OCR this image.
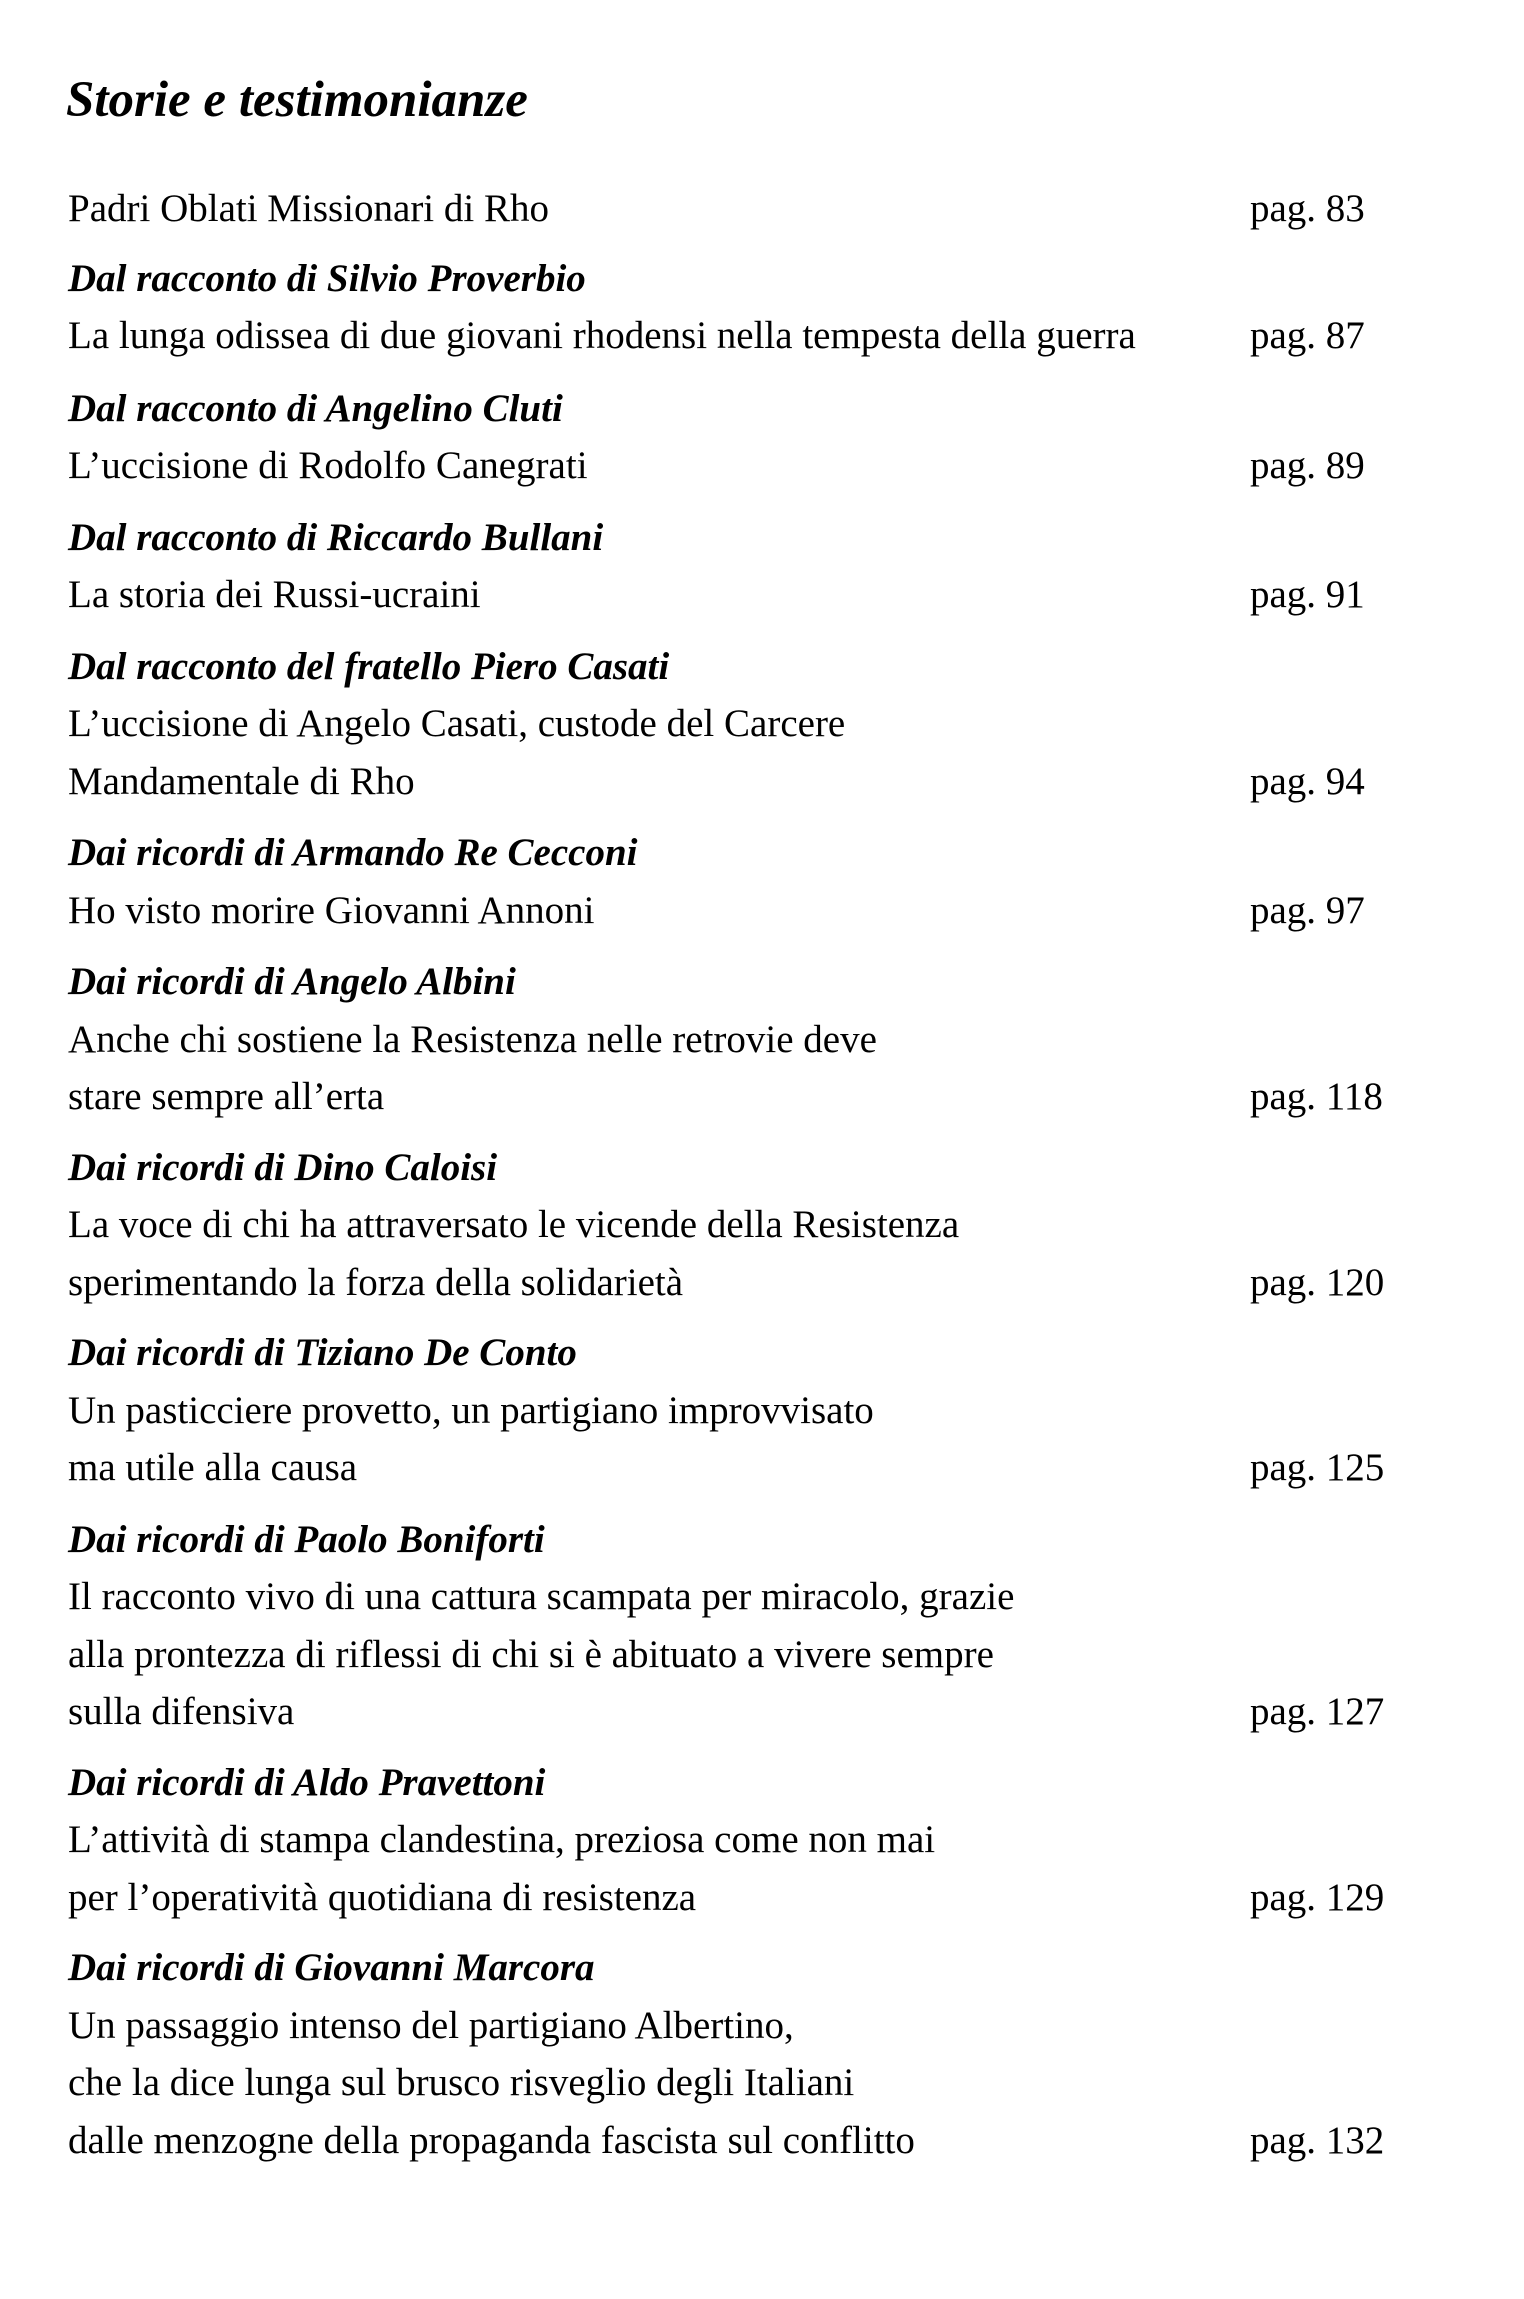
Storie e testimonianze
Padri Oblati Missionari di Rho	pag. 83
Dal racconto di Silvio Proverbio
La lunga odissea di due giovani rhodensi nella tempesta della guerra	pag. 87
Dal racconto di Angelino Cluti
L’uccisione di Rodolfo Canegrati	pag. 89
Dal racconto di Riccardo Bullani
La storia dei Russi-ucraini	pag. 91
Dal racconto del fratello Piero Casati
L’uccisione di Angelo Casati, custode del Carcere
Mandamentale di Rho	pag. 94
Dai ricordi di Armando Re Cecconi
Ho visto morire Giovanni Annoni	pag. 97
Dai ricordi di Angelo Albini
Anche chi sostiene la Resistenza nelle retrovie deve
stare sempre all’erta	pag. 118
Dai ricordi di Dino Caloisi
La voce di chi ha attraversato le vicende della Resistenza
sperimentando la forza della solidarietà	pag. 120
Dai ricordi di Tiziano De Conto
Un pasticciere provetto, un partigiano improvvisato
ma utile alla causa	pag. 125
Dai ricordi di Paolo Boniforti
Il racconto vivo di una cattura scampata per miracolo, grazie
alla prontezza di riflessi di chi si è abituato a vivere sempre
sulla difensiva	pag. 127
Dai ricordi di Aldo Pravettoni
L’attività di stampa clandestina, preziosa come non mai
per l’operatività quotidiana di resistenza	pag. 129
Dai ricordi di Giovanni Marcora
Un passaggio intenso del partigiano Albertino,
che la dice lunga sul brusco risveglio degli Italiani
dalle menzogne della propaganda fascista sul conflitto	pag. 132
